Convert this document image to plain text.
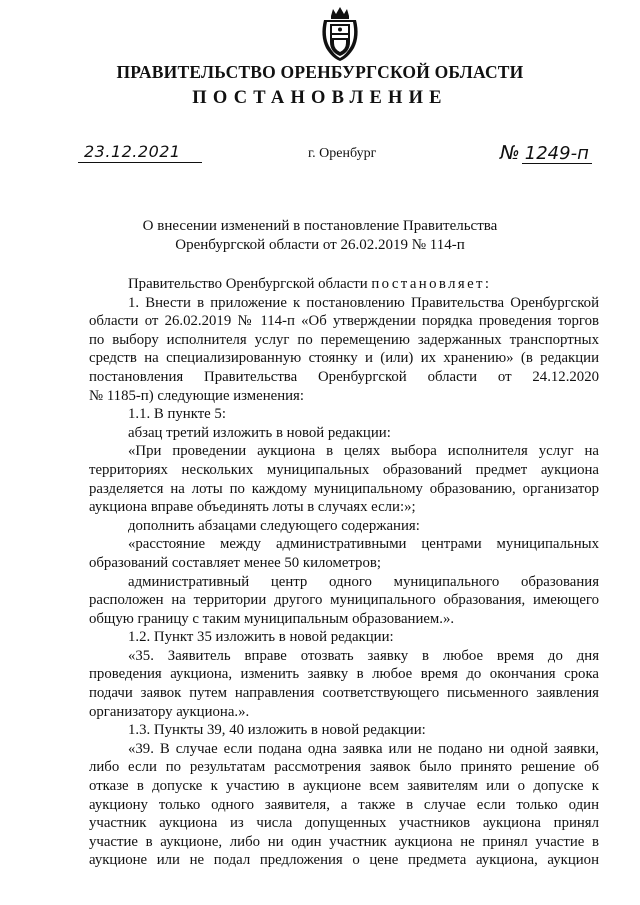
ПРАВИТЕЛЬСТВО ОРЕНБУРГСКОЙ ОБЛАСТИ
ПОСТАНОВЛЕНИЕ
23.12.2021	г. Оренбург	№ 1249-п
О внесении изменений в постановление Правительства
Оренбургской области от 26.02.2019 № 114-п

Правительство Оренбургской области постановляет:

1. Внести в приложение к постановлению Правительства Оренбургской

области от 26.02.2019 № 114-п «Об утверждении порядка проведения торгов

по выбору исполнителя услуг по перемещению задержанных транспортных

средств на специализированную стоянку и (или) их хранению» (в редакции

постановления Правительства Оренбургской области от 24.12.2020

№ 1185-п) следующие изменения:

1.1. В пункте 5:

абзац третий изложить в новой редакции:

«При проведении аукциона в целях выбора исполнителя услуг на

территориях нескольких муниципальных образований предмет аукциона

разделяется на лоты по каждому муниципальному образованию, организатор

аукциона вправе объединять лоты в случаях если:»;

дополнить абзацами следующего содержания:

«расстояние между административными центрами муниципальных

образований составляет менее 50 километров;

административный центр одного муниципального образования

расположен на территории другого муниципального образования, имеющего

общую границу с таким муниципальным образованием.».

1.2. Пункт 35 изложить в новой редакции:

«35. Заявитель вправе отозвать заявку в любое время до дня

проведения аукциона, изменить заявку в любое время до окончания срока

подачи заявок путем направления соответствующего письменного заявления

организатору аукциона.».

1.3. Пункты 39, 40 изложить в новой редакции:

«39. В случае если подана одна заявка или не подано ни одной заявки,

либо если по результатам рассмотрения заявок было принято решение об

отказе в допуске к участию в аукционе всем заявителям или о допуске к

аукциону только одного заявителя, а также в случае если только один

участник аукциона из числа допущенных участников аукциона принял

участие в аукционе, либо ни один участник аукциона не принял участие в

аукционе или не подал предложения о цене предмета аукциона, аукцион
